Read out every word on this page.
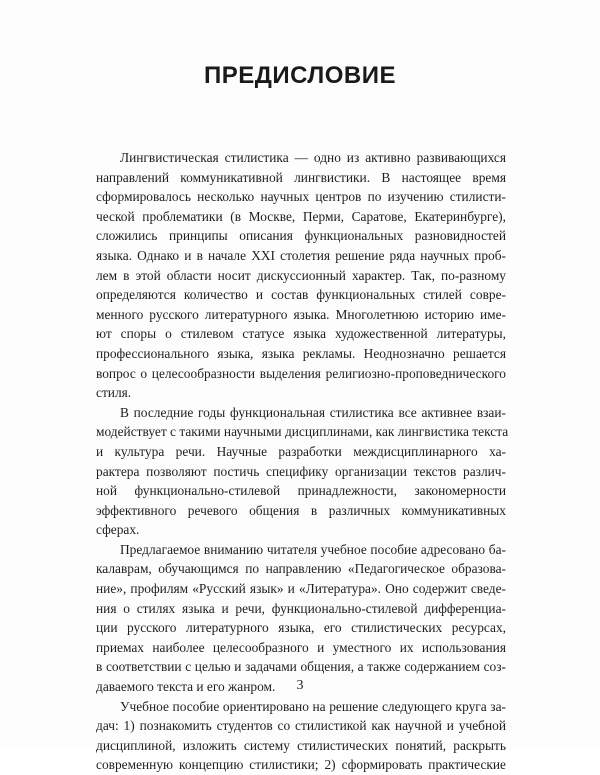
ПРЕДИСЛОВИЕ
Лингвистическая стилистика — одно из активно развивающихся
направлений коммуникативной лингвистики. В настоящее время
сформировалось несколько научных центров по изучению стилисти-
ческой проблематики (в Москве, Перми, Саратове, Екатеринбурге),
сложились принципы описания функциональных разновидностей
языка. Однако и в начале XXI столетия решение ряда научных проб-
лем в этой области носит дискуссионный характер. Так, по-разному
определяются количество и состав функциональных стилей совре-
менного русского литературного языка. Многолетнюю историю име-
ют споры о стилевом статусе языка художественной литературы,
профессионального языка, языка рекламы. Неоднозначно решается
вопрос о целесообразности выделения религиозно-проповеднического
стиля.
В последние годы функциональная стилистика все активнее взаи-
модействует с такими научными дисциплинами, как лингвистика текста
и культура речи. Научные разработки междисциплинарного ха-
рактера позволяют постичь специфику организации текстов различ-
ной функционально-стилевой принадлежности, закономерности
эффективного речевого общения в различных коммуникативных
сферах.
Предлагаемое вниманию читателя учебное пособие адресовано ба-
калаврам, обучающимся по направлению «Педагогическое образова-
ние», профилям «Русский язык» и «Литература». Оно содержит сведе-
ния о стилях языка и речи, функционально-стилевой дифференциа-
ции русского литературного языка, его стилистических ресурсах,
приемах наиболее целесообразного и уместного их использования
в соответствии с целью и задачами общения, а также содержанием соз-
даваемого текста и его жанром.
Учебное пособие ориентировано на решение следующего круга за-
дач: 1) познакомить студентов со стилистикой как научной и учебной
дисциплиной, изложить систему стилистических понятий, раскрыть
современную концепцию стилистики; 2) сформировать практические
3
